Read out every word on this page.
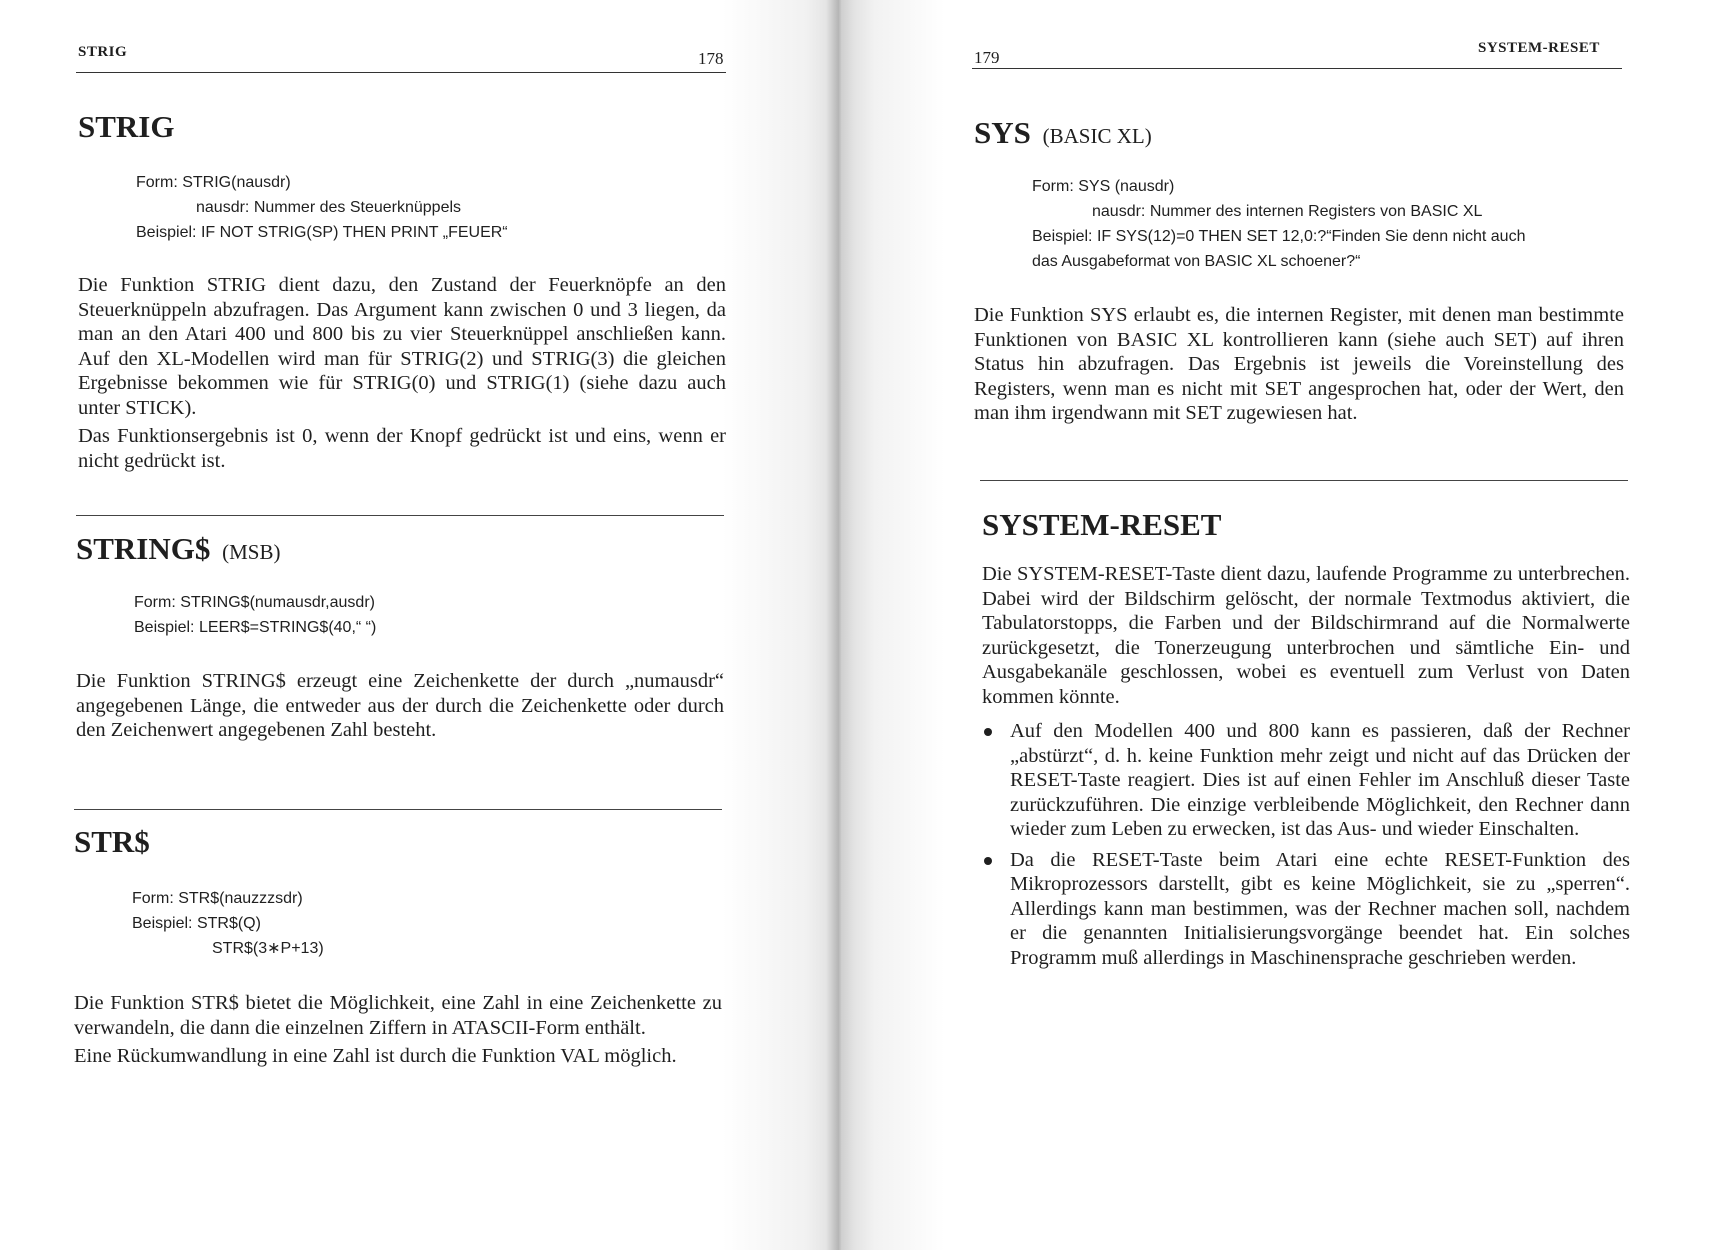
STRIG	178
STRIG
Form: STRIG(nausdr)
nausdr: Nummer des Steuerknüppels
Beispiel: IF NOT STRIG(SP) THEN PRINT „FEUER“

Die Funktion STRIG dient dazu, den Zustand der Feuerknöpfe an den Steuerknüppeln abzufragen. Das Argument kann zwischen 0 und 3 liegen, da man an den Atari 400 und 800 bis zu vier Steuerknüppel anschließen kann. Auf den XL-Modellen wird man für STRIG(2) und STRIG(3) die gleichen Ergebnisse bekommen wie für STRIG(0) und STRIG(1) (siehe dazu auch unter STICK).

Das Funktionsergebnis ist 0, wenn der Knopf gedrückt ist und eins, wenn er nicht gedrückt ist.

STRING$ (MSB)
Form: STRING$(numausdr,ausdr)
Beispiel: LEER$=STRING$(40,“ “)

Die Funktion STRING$ erzeugt eine Zeichenkette der durch „numausdr“ angegebenen Länge, die entweder aus der durch die Zeichenkette oder durch den Zeichenwert angegebenen Zahl besteht.

STR$
Form: STR$(nauzzzsdr)
Beispiel: STR$(Q)
STR$(3∗P+13)

Die Funktion STR$ bietet die Möglichkeit, eine Zahl in eine Zeichenkette zu verwandeln, die dann die einzelnen Ziffern in ATASCII-Form enthält.

Eine Rückumwandlung in eine Zahl ist durch die Funktion VAL möglich.

179	SYSTEM-RESET
SYS (BASIC XL)
Form: SYS (nausdr)
nausdr: Nummer des internen Registers von BASIC XL
Beispiel: IF SYS(12)=0 THEN SET 12,0:?“Finden Sie denn nicht auch
das Ausgabeformat von BASIC XL schoener?“

Die Funktion SYS erlaubt es, die internen Register, mit denen man bestimmte Funktionen von BASIC XL kontrollieren kann (siehe auch SET) auf ihren Status hin abzufragen. Das Ergebnis ist jeweils die Voreinstellung des Registers, wenn man es nicht mit SET angesprochen hat, oder der Wert, den man ihm irgendwann mit SET zugewiesen hat.

SYSTEM-RESET

Die SYSTEM-RESET-Taste dient dazu, laufende Programme zu unterbrechen. Dabei wird der Bildschirm gelöscht, der normale Textmodus aktiviert, die Tabulatorstopps, die Farben und der Bildschirmrand auf die Normalwerte zurückgesetzt, die Tonerzeugung unterbrochen und sämtliche Ein- und Ausgabekanäle geschlossen, wobei es eventuell zum Verlust von Daten kommen könnte.

Auf den Modellen 400 und 800 kann es passieren, daß der Rechner „abstürzt“, d. h. keine Funktion mehr zeigt und nicht auf das Drücken der RESET-Taste reagiert. Dies ist auf einen Fehler im Anschluß dieser Taste zurückzuführen. Die einzige verbleibende Möglichkeit, den Rechner dann wieder zum Leben zu erwecken, ist das Aus- und wieder Einschalten.
Da die RESET-Taste beim Atari eine echte RESET-Funktion des Mikroprozessors darstellt, gibt es keine Möglichkeit, sie zu „sperren“. Allerdings kann man bestimmen, was der Rechner machen soll, nachdem er die genannten Initialisierungsvorgänge beendet hat. Ein solches Programm muß allerdings in Maschinensprache geschrieben werden.
